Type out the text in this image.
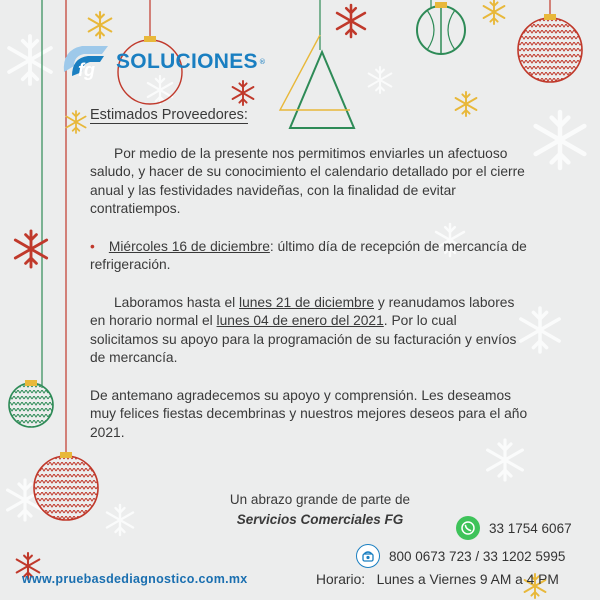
fg SOLUCIONES ®
Estimados Proveedores:

Por medio de la presente nos permitimos enviarles un afectuoso saludo, y hacer de su conocimiento el calendario detallado por el cierre anual y las festividades navideñas, con la finalidad de evitar contratiempos.

• Miércoles 16 de diciembre: último día de recepción de mercancía de refrigeración.

Laboramos hasta el lunes 21 de diciembre y reanudamos labores en horario normal el lunes 04 de enero del 2021. Por lo cual solicitamos su apoyo para la programación de su facturación y envíos de mercancía.

De antemano agradecemos su apoyo y comprensión. Les deseamos muy felices fiestas decembrinas y nuestros mejores deseos para el año 2021.

Un abrazo grande de parte de
Servicios Comerciales FG
33 1754 6067
800 0673 723 / 33 1202 5995
Horario: Lunes a Viernes 9 AM a 4 PM
www.pruebasdediagnostico.com.mx
